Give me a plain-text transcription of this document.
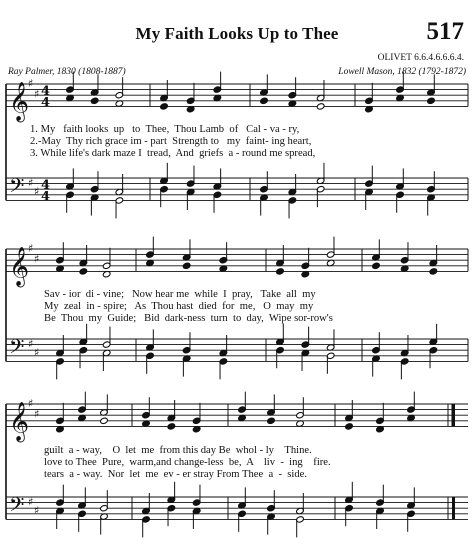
My Faith Looks Up to Thee	517
OLIVET 6.6.4.6.6.6.4.
Ray Palmer, 1830 (1808-1887)	Lowell Mason, 1832 (1792-1872)
𝄞
𝄢
♯
♯
♯
♯
4
4
4
4
𝄞
𝄢
♯
♯
♯
♯
𝄞
𝄢
♯
♯
♯
♯

1. My   faith looks  up   to  Thee,  Thou Lamb  of   Cal - va - ry,

2.-May  Thy rich grace im - part  Strength to   my  faint- ing heart,

3. While life's dark maze I  tread,  And  griefs  a - round me spread,

Sav - ior  di - vine;   Now hear me  while  I  pray,   Take  all  my

My  zeal  in - spire;   As  Thou hast  died  for  me,   O  may  my

Be  Thou  my  Guide;   Bid  dark-ness  turn  to  day,  Wipe sor-row's

guilt  a - way,    O  let  me  from this day Be  whol - ly    Thine.

love to Thee  Pure,  warm,and change-less  be,  A    liv  -  ing    fire.

tears  a - way.  Nor  let  me  ev - er stray From Thee  a  -  side.
